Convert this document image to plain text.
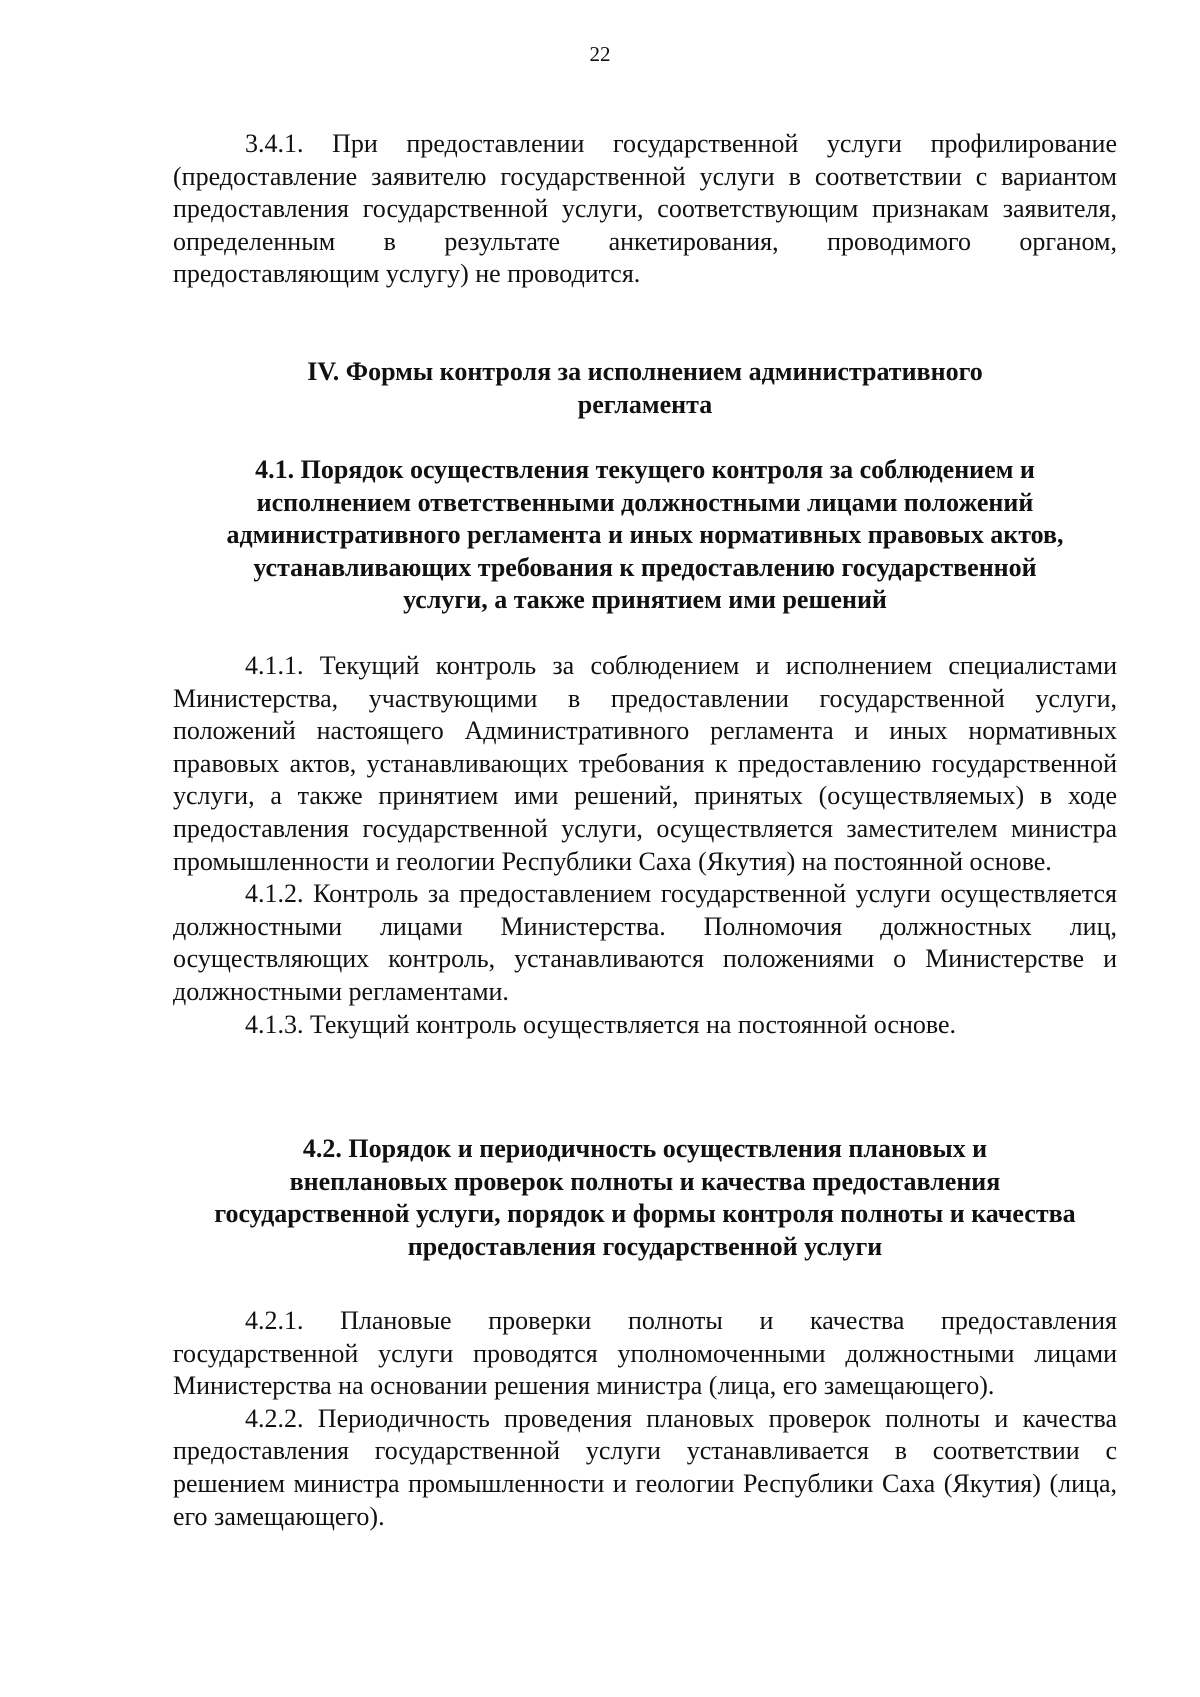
22

3.4.1. При предоставлении государственной услуги профилирование (предоставление заявителю государственной услуги в соответствии с вариантом предоставления государственной услуги, соответствующим признакам заявителя, определенным в результате анкетирования, проводимого органом, предоставляющим услугу) не проводится.

IV. Формы контроля за исполнением административного
регламента
4.1. Порядок осуществления текущего контроля за соблюдением и
исполнением ответственными должностными лицами положений
административного регламента и иных нормативных правовых актов,
устанавливающих требования к предоставлению государственной
услуги, а также принятием ими решений

4.1.1. Текущий контроль за соблюдением и исполнением специалистами Министерства, участвующими в предоставлении государственной услуги, положений настоящего Административного регламента и иных нормативных правовых актов, устанавливающих требования к предоставлению государственной услуги, а также принятием ими решений, принятых (осуществляемых) в ходе предоставления государственной услуги, осуществляется заместителем министра промышленности и геологии Республики Саха (Якутия) на постоянной основе.

4.1.2. Контроль за предоставлением государственной услуги осуществляется должностными лицами Министерства. Полномочия должностных лиц, осуществляющих контроль, устанавливаются положениями о Министерстве и должностными регламентами.

4.1.3. Текущий контроль осуществляется на постоянной основе.

4.2. Порядок и периодичность осуществления плановых и
внеплановых проверок полноты и качества предоставления
государственной услуги, порядок и формы контроля полноты и качества
предоставления государственной услуги

4.2.1. Плановые проверки полноты и качества предоставления государственной услуги проводятся уполномоченными должностными лицами Министерства на основании решения министра (лица, его замещающего).

4.2.2. Периодичность проведения плановых проверок полноты и качества предоставления государственной услуги устанавливается в соответствии с решением министра промышленности и геологии Республики Саха (Якутия) (лица, его замещающего).
